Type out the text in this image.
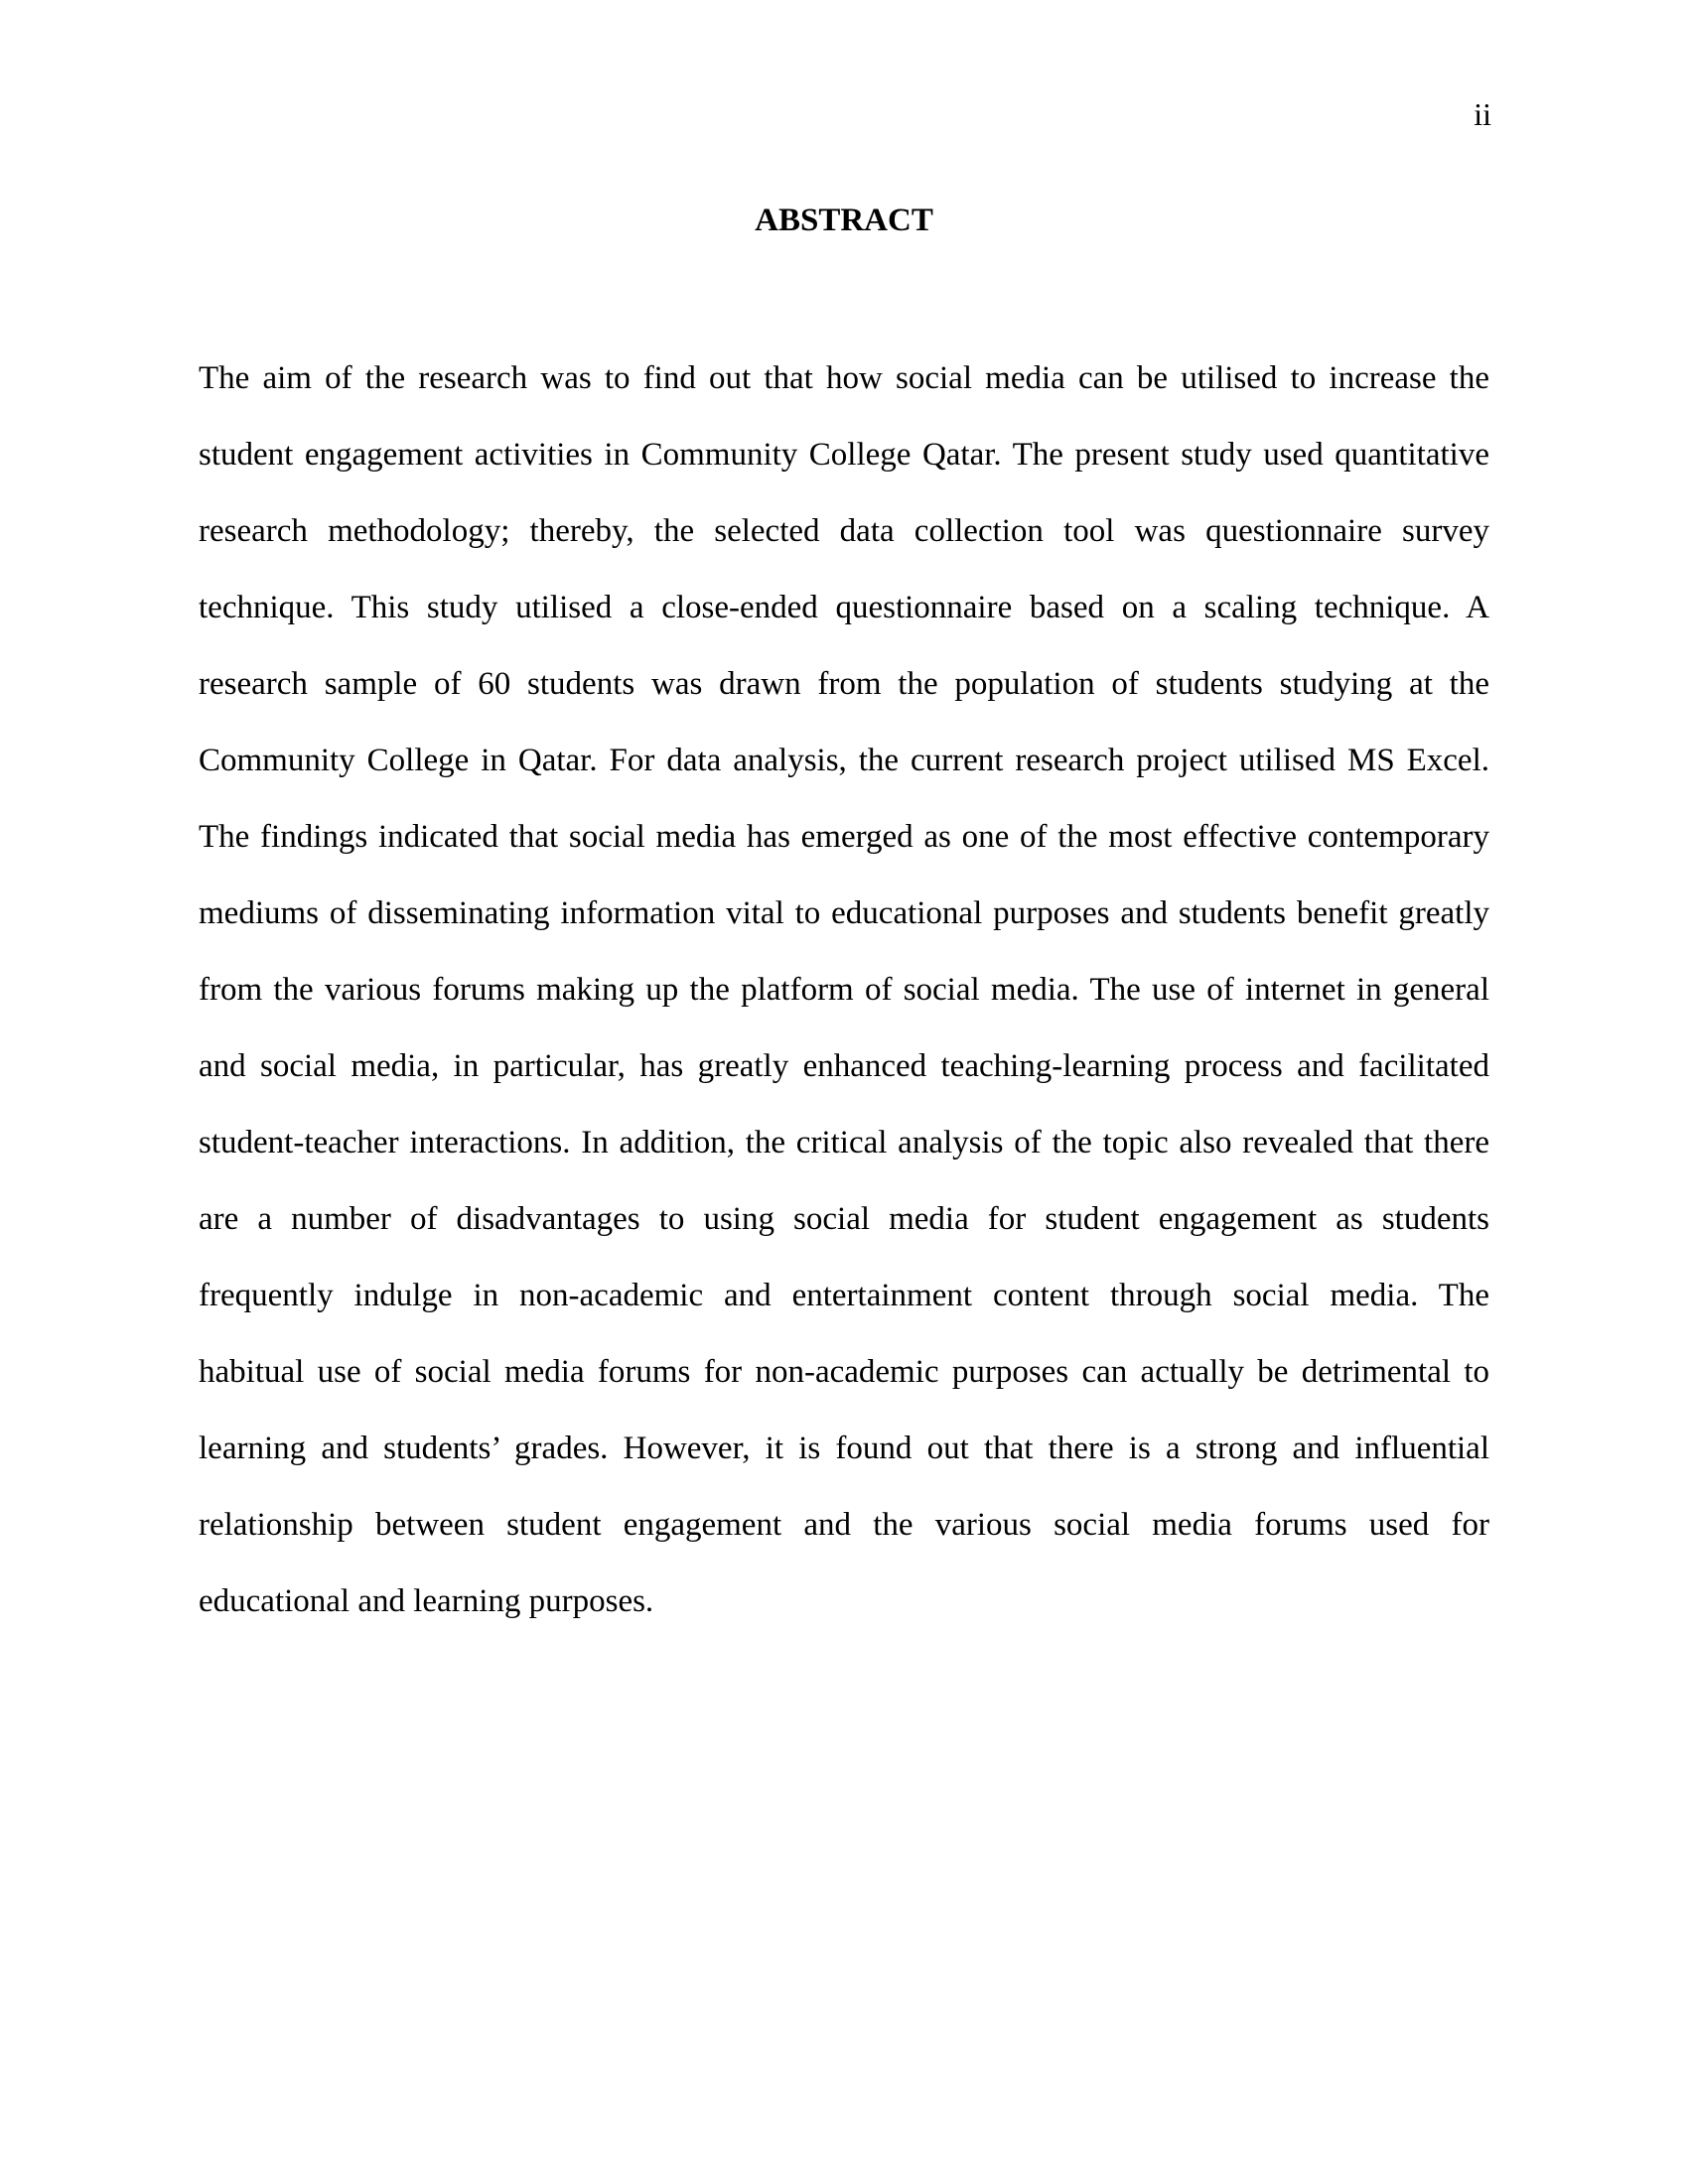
ii
ABSTRACT
The aim of the research was to find out that how social media can be utilised to increase the
student engagement activities in Community College Qatar. The present study used quantitative
research methodology; thereby, the selected data collection tool was questionnaire survey
technique. This study utilised a close-ended questionnaire based on a scaling technique. A
research sample of 60 students was drawn from the population of students studying at the
Community College in Qatar. For data analysis, the current research project utilised MS Excel.
The findings indicated that social media has emerged as one of the most effective contemporary
mediums of disseminating information vital to educational purposes and students benefit greatly
from the various forums making up the platform of social media. The use of internet in general
and social media, in particular, has greatly enhanced teaching-learning process and facilitated
student-teacher interactions. In addition, the critical analysis of the topic also revealed that there
are a number of disadvantages to using social media for student engagement as students
frequently indulge in non-academic and entertainment content through social media. The
habitual use of social media forums for non-academic purposes can actually be detrimental to
learning and students’ grades. However, it is found out that there is a strong and influential
relationship between student engagement and the various social media forums used for
educational and learning purposes.
